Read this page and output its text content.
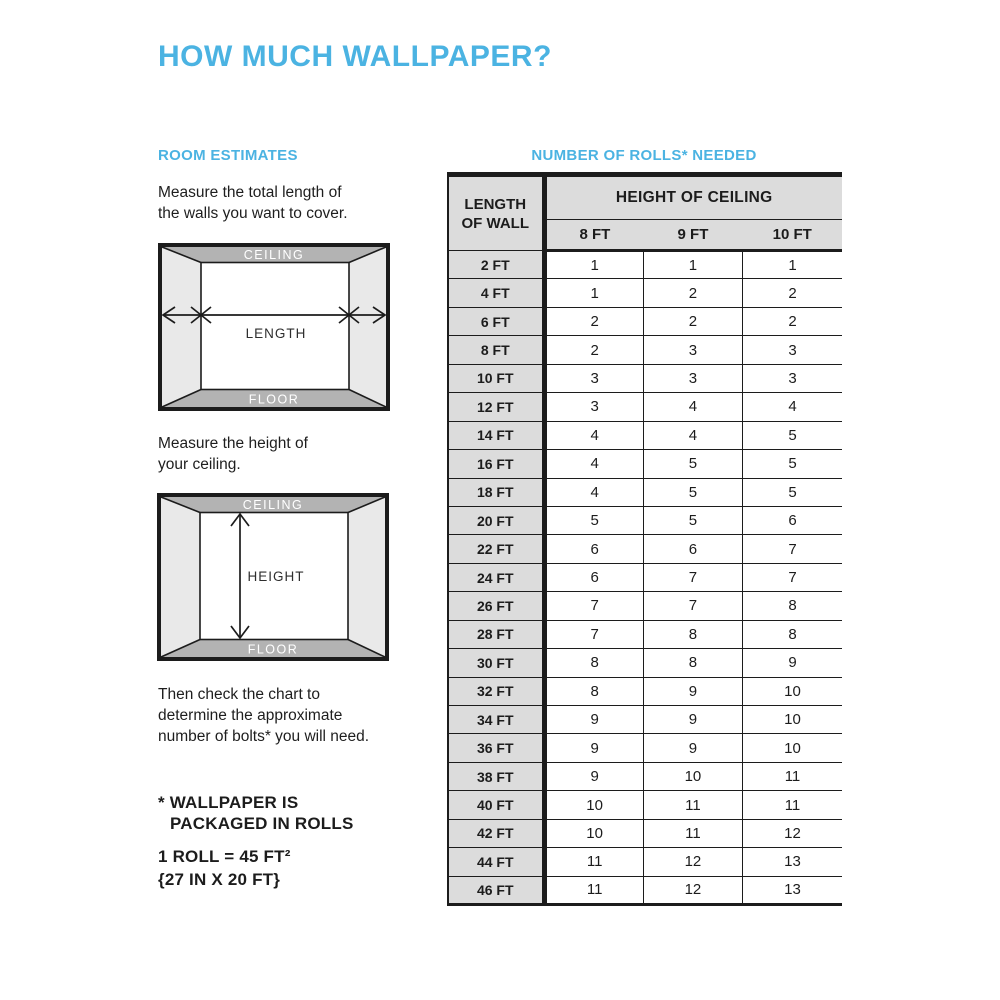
HOW MUCH WALLPAPER?
ROOM ESTIMATES	NUMBER OF ROLLS* NEEDED
Measure the total length of
the walls you want to cover.
CEILING
FLOOR
LENGTH
Measure the height of
your ceiling.
CEILING
FLOOR
HEIGHT
Then check the chart to
determine the approximate
number of bolts* you will need.
* WALLPAPER IS
PACKAGED IN ROLLS
1 ROLL = 45 FT²
{27 IN X 20 FT}
LENGTH
OF WALL	HEIGHT OF CEILING		
	8 FT	9 FT	10 FT
2 FT	1	1	1
4 FT	1	2	2
6 FT	2	2	2
8 FT	2	3	3
10 FT	3	3	3
12 FT	3	4	4
14 FT	4	4	5
16 FT	4	5	5
18 FT	4	5	5
20 FT	5	5	6
22 FT	6	6	7
24 FT	6	7	7
26 FT	7	7	8
28 FT	7	8	8
30 FT	8	8	9
32 FT	8	9	10
34 FT	9	9	10
36 FT	9	9	10
38 FT	9	10	11
40 FT	10	11	11
42 FT	10	11	12
44 FT	11	12	13
46 FT	11	12	13
